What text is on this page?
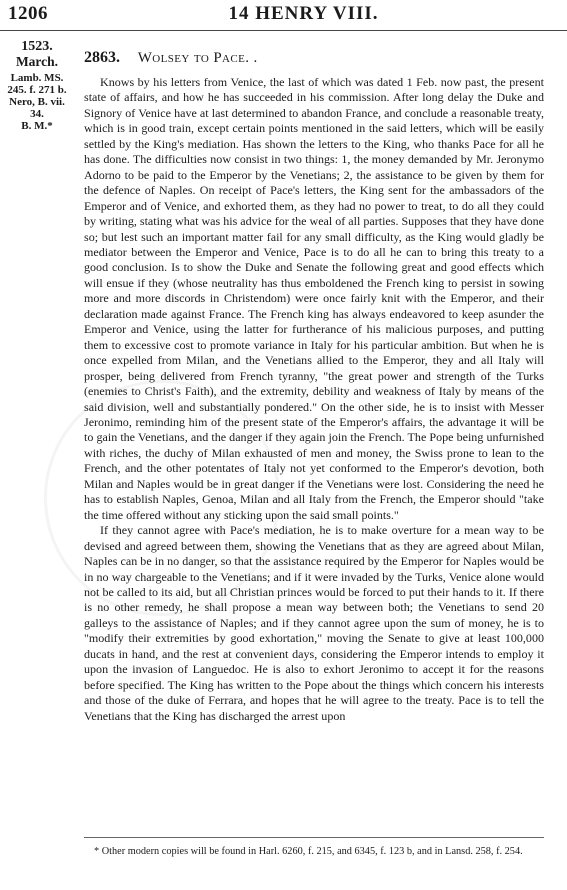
1206	14 HENRY VIII.
1523.
March.
Lamb. MS.
245. f. 271 b.
Nero, B. vii.
34.
B. M.*
2863. Wolsey to Pace. .

Knows by his letters from Venice, the last of which was dated 1 Feb. now past, the present state of affairs, and how he has succeeded in his commission. After long delay the Duke and Signory of Venice have at last determined to abandon France, and conclude a reasonable treaty, which is in good train, except certain points mentioned in the said letters, which will be easily settled by the King's mediation. Has shown the letters to the King, who thanks Pace for all he has done. The difficulties now consist in two things: 1, the money demanded by Mr. Jeronymo Adorno to be paid to the Emperor by the Venetians; 2, the assistance to be given by them for the defence of Naples. On receipt of Pace's letters, the King sent for the ambassadors of the Emperor and of Venice, and exhorted them, as they had no power to treat, to do all they could by writing, stating what was his advice for the weal of all parties. Supposes that they have done so; but lest such an important matter fail for any small difficulty, as the King would gladly be mediator between the Emperor and Venice, Pace is to do all he can to bring this treaty to a good conclusion. Is to show the Duke and Senate the following great and good effects which will ensue if they (whose neutrality has thus emboldened the French king to persist in sowing more and more discords in Christendom) were once fairly knit with the Emperor, and their declaration made against France. The French king has always endeavored to keep asunder the Emperor and Venice, using the latter for furtherance of his malicious purposes, and putting them to excessive cost to promote variance in Italy for his particular ambition. But when he is once expelled from Milan, and the Venetians allied to the Emperor, they and all Italy will prosper, being delivered from French tyranny, "the great power and strength of the Turks (enemies to Christ's Faith), and the extremity, debility and weakness of Italy by means of the said division, well and substantially pondered." On the other side, he is to insist with Messer Jeronimo, reminding him of the present state of the Emperor's affairs, the advantage it will be to gain the Venetians, and the danger if they again join the French. The Pope being unfurnished with riches, the duchy of Milan exhausted of men and money, the Swiss prone to lean to the French, and the other potentates of Italy not yet conformed to the Emperor's devotion, both Milan and Naples would be in great danger if the Venetians were lost. Considering the need he has to establish Naples, Genoa, Milan and all Italy from the French, the Emperor should "take the time offered without any sticking upon the said small points."

If they cannot agree with Pace's mediation, he is to make overture for a mean way to be devised and agreed between them, showing the Venetians that as they are agreed about Milan, Naples can be in no danger, so that the assistance required by the Emperor for Naples would be in no way chargeable to the Venetians; and if it were invaded by the Turks, Venice alone would not be called to its aid, but all Christian princes would be forced to put their hands to it. If there is no other remedy, he shall propose a mean way between both; the Venetians to send 20 galleys to the assistance of Naples; and if they cannot agree upon the sum of money, he is to "modify their extremities by good exhortation," moving the Senate to give at least 100,000 ducats in hand, and the rest at convenient days, considering the Emperor intends to employ it upon the invasion of Languedoc. He is also to exhort Jeronimo to accept it for the reasons before specified. The King has written to the Pope about the things which concern his interests and those of the duke of Ferrara, and hopes that he will agree to the treaty. Pace is to tell the Venetians that the King has discharged the arrest upon

* Other modern copies will be found in Harl. 6260, f. 215, and 6345, f. 123 b, and in Lansd. 258, f. 254.
